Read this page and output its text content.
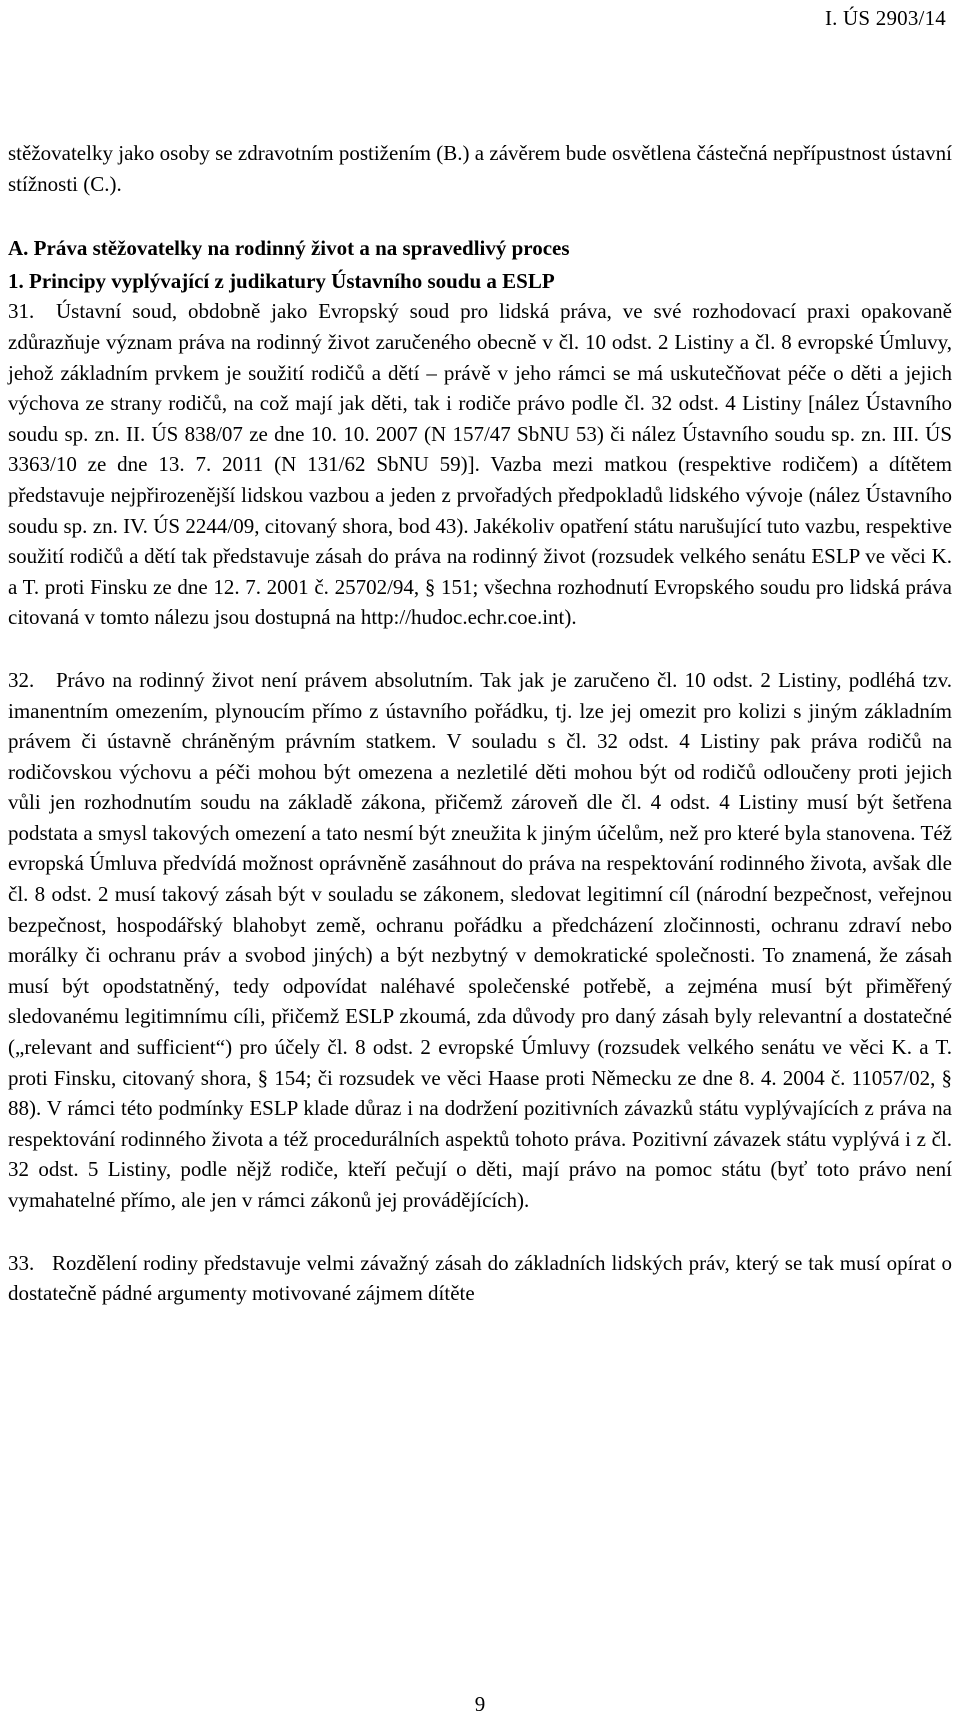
I. ÚS 2903/14

stěžovatelky jako osoby se zdravotním postižením (B.) a závěrem bude osvětlena částečná nepřípustnost ústavní stížnosti (C.).

A. Práva stěžovatelky na rodinný život a na spravedlivý proces

1. Principy vyplývající z judikatury Ústavního soudu a ESLP

31.  Ústavní soud, obdobně jako Evropský soud pro lidská práva, ve své rozhodovací praxi opakovaně zdůrazňuje význam práva na rodinný život zaručeného obecně v čl. 10 odst. 2 Listiny a čl. 8 evropské Úmluvy, jehož základním prvkem je soužití rodičů a dětí – právě v jeho rámci se má uskutečňovat péče o děti a jejich výchova ze strany rodičů, na což mají jak děti, tak i rodiče právo podle čl. 32 odst. 4 Listiny [nález Ústavního soudu sp. zn. II. ÚS 838/07 ze dne 10. 10. 2007 (N 157/47 SbNU 53) či nález Ústavního soudu sp. zn. III. ÚS 3363/10 ze dne 13. 7. 2011 (N 131/62 SbNU 59)]. Vazba mezi matkou (respektive rodičem) a dítětem představuje nejpřirozenější lidskou vazbou a jeden z prvořadých předpokladů lidského vývoje (nález Ústavního soudu sp. zn. IV. ÚS 2244/09, citovaný shora, bod 43). Jakékoliv opatření státu narušující tuto vazbu, respektive soužití rodičů a dětí tak představuje zásah do práva na rodinný život (rozsudek velkého senátu ESLP ve věci K. a T. proti Finsku ze dne 12. 7. 2001 č. 25702/94, § 151; všechna rozhodnutí Evropského soudu pro lidská práva citovaná v tomto nálezu jsou dostupná na http://hudoc.echr.coe.int).

32.   Právo na rodinný život není právem absolutním. Tak jak je zaručeno čl. 10 odst. 2 Listiny, podléhá tzv. imanentním omezením, plynoucím přímo z ústavního pořádku, tj. lze jej omezit pro kolizi s jiným základním právem či ústavně chráněným právním statkem. V souladu s čl. 32 odst. 4 Listiny pak práva rodičů na rodičovskou výchovu a péči mohou být omezena a nezletilé děti mohou být od rodičů odloučeny proti jejich vůli jen rozhodnutím soudu na základě zákona, přičemž zároveň dle čl. 4 odst. 4 Listiny musí být šetřena podstata a smysl takových omezení a tato nesmí být zneužita k jiným účelům, než pro které byla stanovena. Též evropská Úmluva předvídá možnost oprávněně zasáhnout do práva na respektování rodinného života, avšak dle čl. 8 odst. 2 musí takový zásah být v souladu se zákonem, sledovat legitimní cíl (národní bezpečnost, veřejnou bezpečnost, hospodářský blahobyt země, ochranu pořádku a předcházení zločinnosti, ochranu zdraví nebo morálky či ochranu práv a svobod jiných) a být nezbytný v demokratické společnosti. To znamená, že zásah musí být opodstatněný, tedy odpovídat naléhavé společenské potřebě, a zejména musí být přiměřený sledovanému legitimnímu cíli, přičemž ESLP zkoumá, zda důvody pro daný zásah byly relevantní a dostatečné („relevant and sufficient“) pro účely čl. 8 odst. 2 evropské Úmluvy (rozsudek velkého senátu ve věci K. a T. proti Finsku, citovaný shora, § 154; či rozsudek ve věci Haase proti Německu ze dne 8. 4. 2004 č. 11057/02, § 88). V rámci této podmínky ESLP klade důraz i na dodržení pozitivních závazků státu vyplývajících z práva na respektování rodinného života a též procedurálních aspektů tohoto práva. Pozitivní závazek státu vyplývá i z čl. 32 odst. 5 Listiny, podle nějž rodiče, kteří pečují o děti, mají právo na pomoc státu (byť toto právo není vymahatelné přímo, ale jen v rámci zákonů jej provádějících).

33.   Rozdělení rodiny představuje velmi závažný zásah do základních lidských práv, který se tak musí opírat o dostatečně pádné argumenty motivované zájmem dítěte

9
